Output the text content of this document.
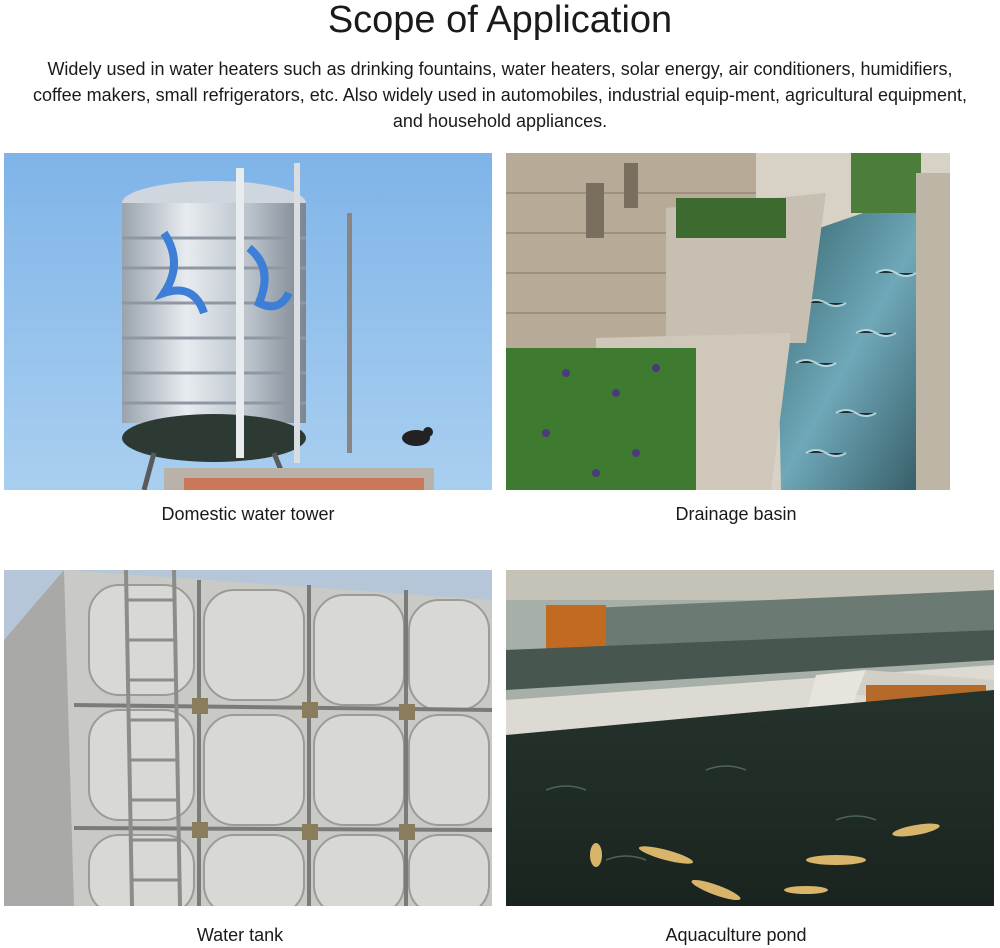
Scope of Application
Widely used in water heaters such as drinking fountains, water heaters, solar energy, air conditioners, humidifiers, coffee makers, small refrigerators, etc. Also widely used in automobiles, industrial equip-ment, agricultural equipment, and household appliances.
Domestic water tower	Drainage basin
Water tank	Aquaculture pond
